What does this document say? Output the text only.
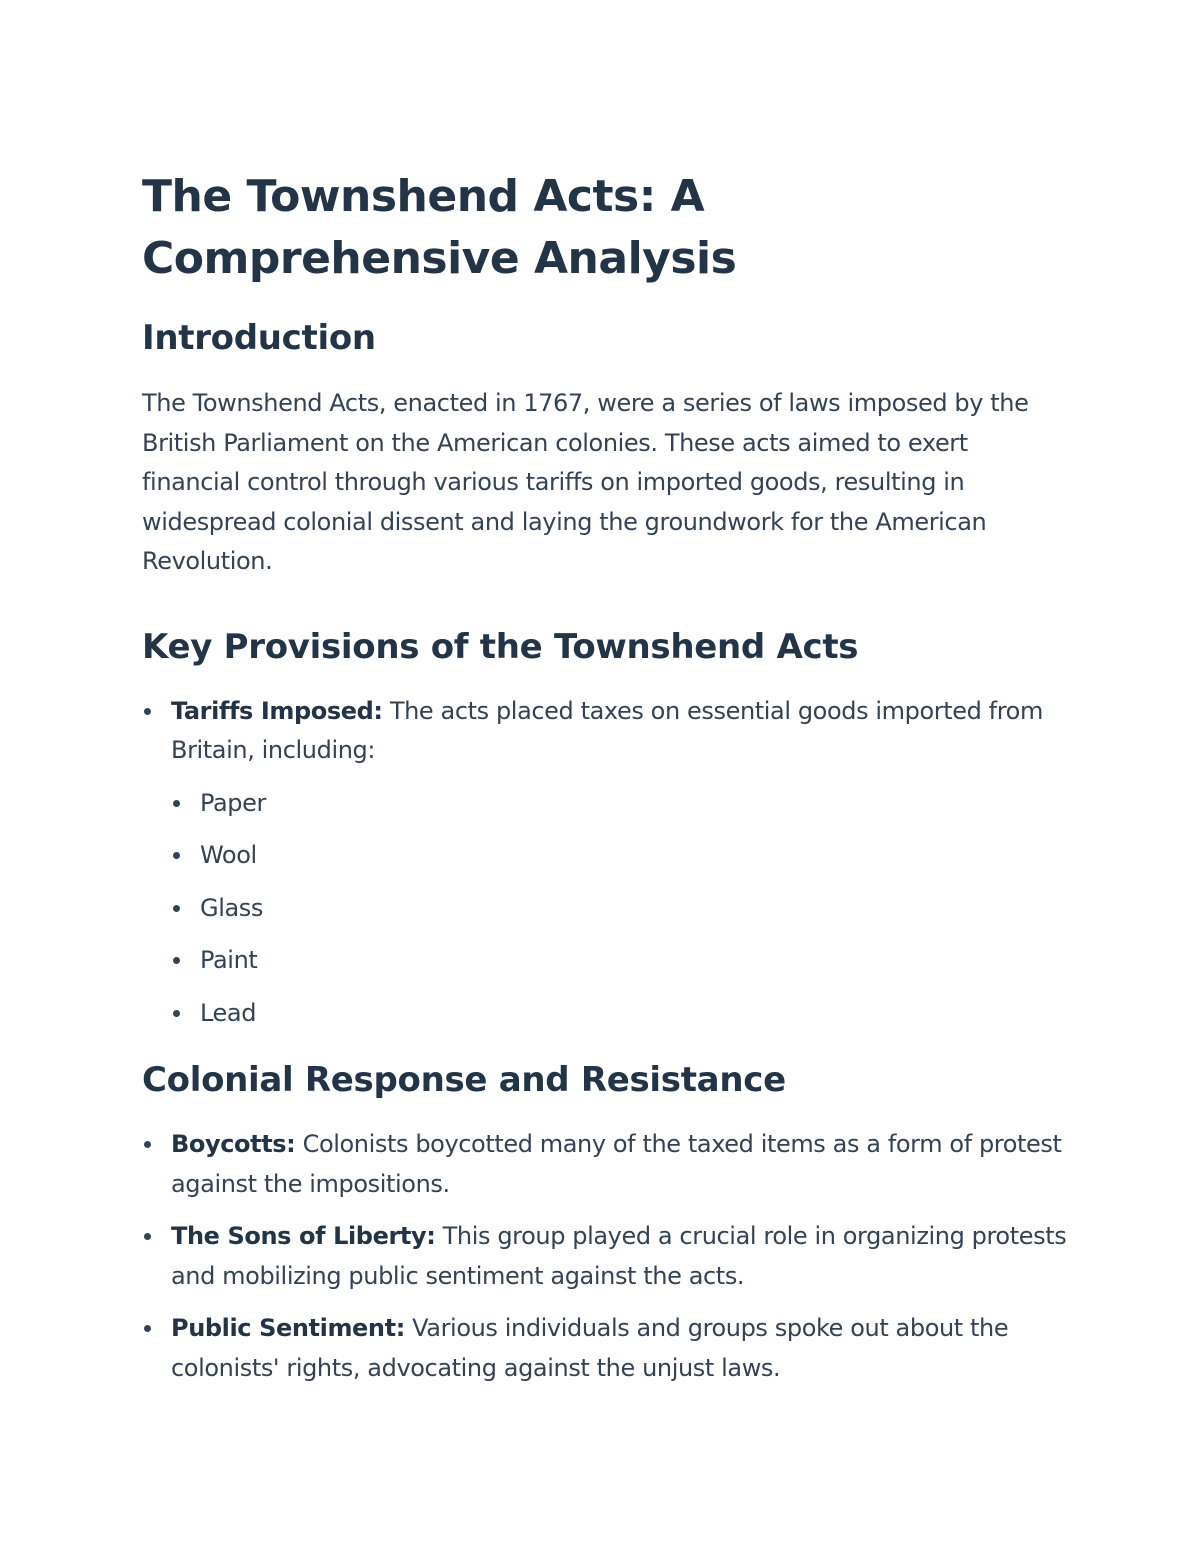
The Townshend Acts: A Comprehensive Analysis
Introduction

The Townshend Acts, enacted in 1767, were a series of laws imposed by the British Parliament on the American colonies. These acts aimed to exert financial control through various tariffs on imported goods, resulting in widespread colonial dissent and laying the groundwork for the American Revolution.

Key Provisions of the Townshend Acts
Tariffs Imposed: The acts placed taxes on essential goods imported from Britain, including:
Paper
Wool
Glass
Paint
Lead
Colonial Response and Resistance
Boycotts: Colonists boycotted many of the taxed items as a form of protest against the impositions.
The Sons of Liberty: This group played a crucial role in organizing protests and mobilizing public sentiment against the acts.
Public Sentiment: Various individuals and groups spoke out about the colonists' rights, advocating against the unjust laws.
